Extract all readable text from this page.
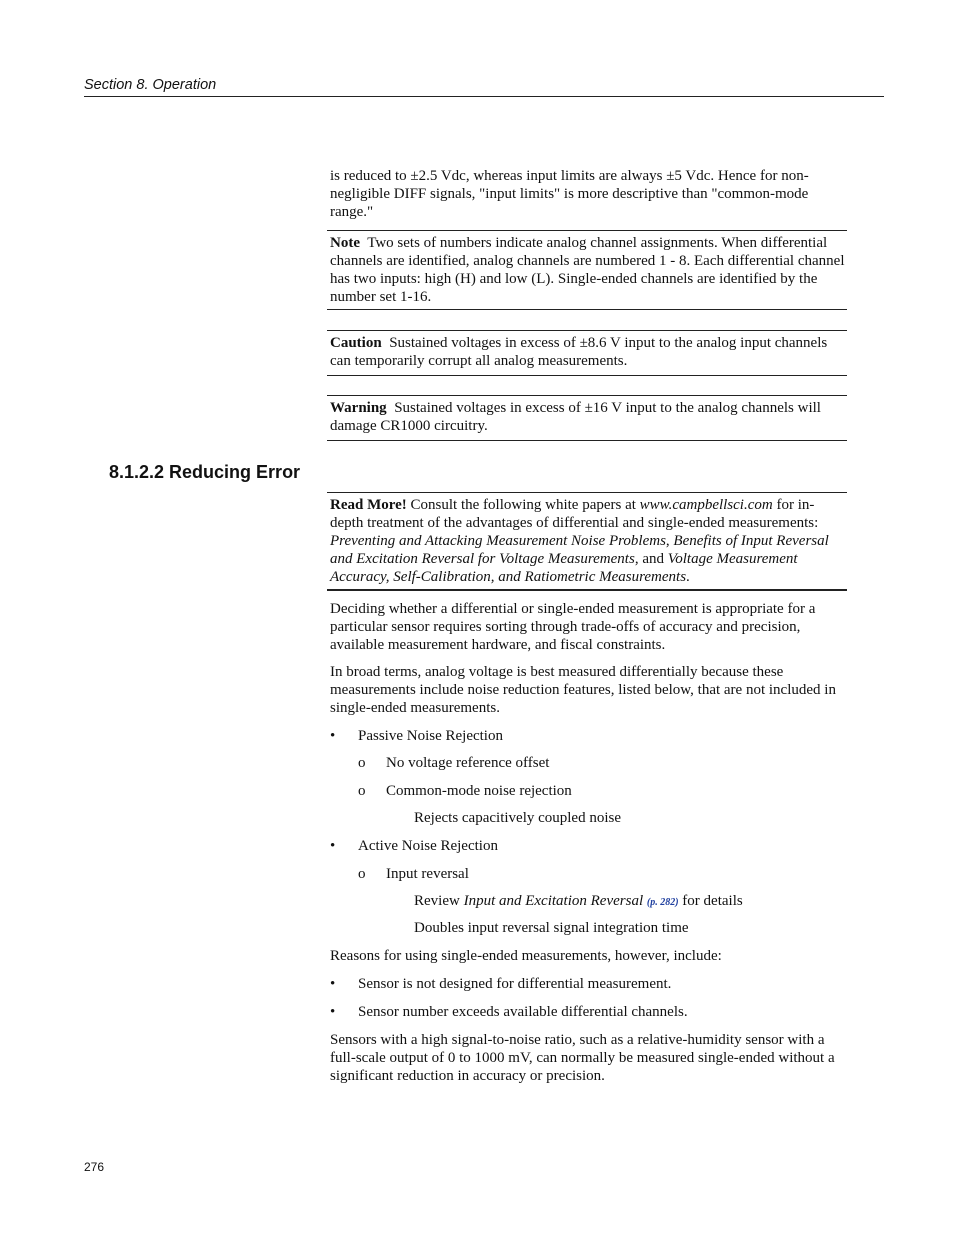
Section 8. Operation

is reduced to ±2.5 Vdc, whereas input limits are always ±5 Vdc. Hence for non-negligible DIFF signals, "input limits" is more descriptive than "common-mode range."

Note Two sets of numbers indicate analog channel assignments. When differential channels are identified, analog channels are numbered 1 - 8. Each differential channel has two inputs: high (H) and low (L). Single-ended channels are identified by the number set 1-16.
Caution Sustained voltages in excess of ±8.6 V input to the analog input channels can temporarily corrupt all analog measurements.
Warning Sustained voltages in excess of ±16 V input to the analog channels will damage CR1000 circuitry.
8.1.2.2 Reducing Error
Read More! Consult the following white papers at www.campbellsci.com for in-depth treatment of the advantages of differential and single-ended measurements: Preventing and Attacking Measurement Noise Problems, Benefits of Input Reversal and Excitation Reversal for Voltage Measurements, and Voltage Measurement Accuracy, Self-Calibration, and Ratiometric Measurements.

Deciding whether a differential or single-ended measurement is appropriate for a particular sensor requires sorting through trade-offs of accuracy and precision, available measurement hardware, and fiscal constraints.

In broad terms, analog voltage is best measured differentially because these measurements include noise reduction features, listed below, that are not included in single-ended measurements.

• Passive Noise Rejection
o No voltage reference offset
o Common-mode noise rejection
Rejects capacitively coupled noise
• Active Noise Rejection
o Input reversal
Review Input and Excitation Reversal (p. 282) for details
Doubles input reversal signal integration time

Reasons for using single-ended measurements, however, include:

• Sensor is not designed for differential measurement.
• Sensor number exceeds available differential channels.

Sensors with a high signal-to-noise ratio, such as a relative-humidity sensor with a full-scale output of 0 to 1000 mV, can normally be measured single-ended without a significant reduction in accuracy or precision.

276
